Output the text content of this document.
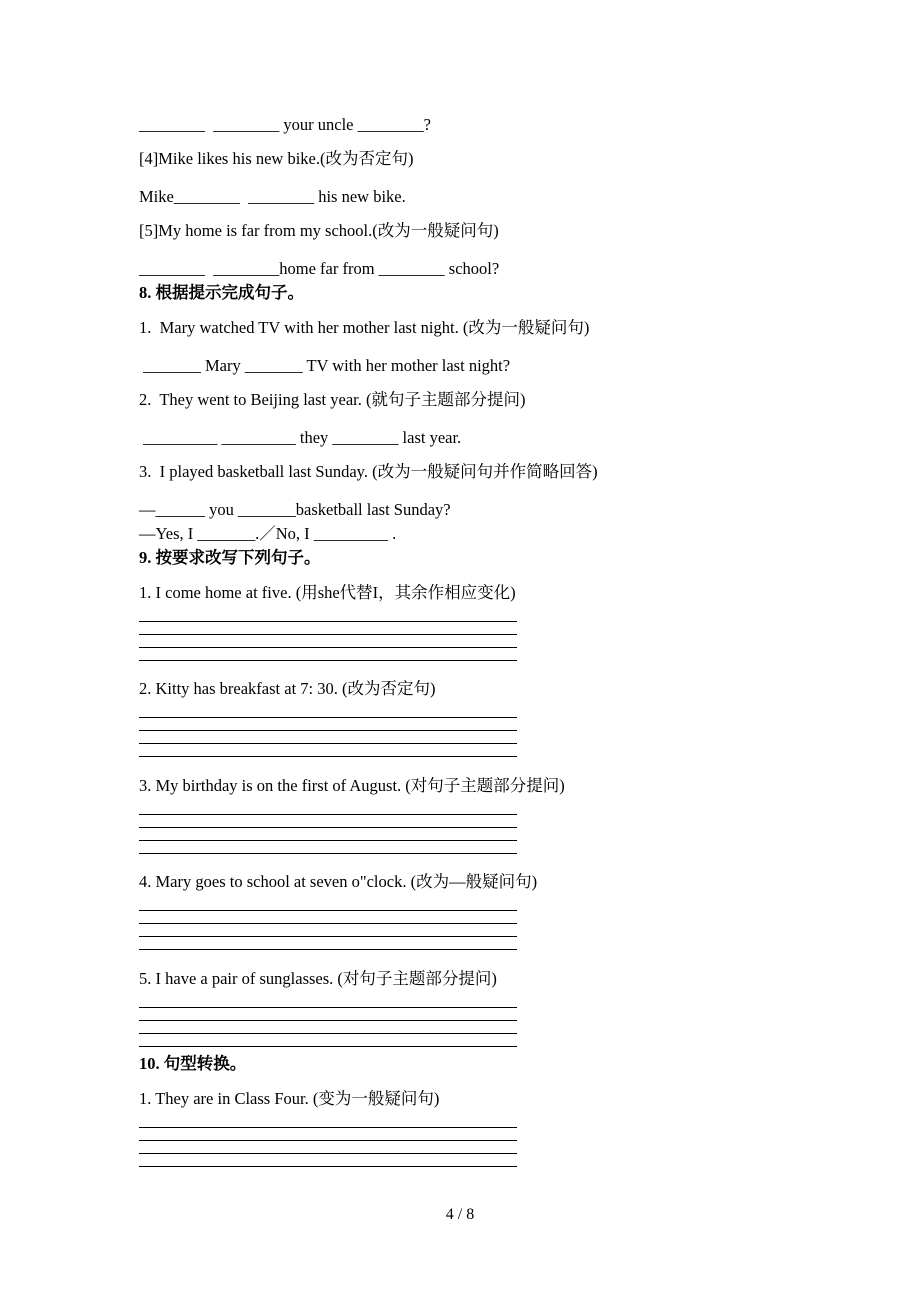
________  ________ your uncle ________?
[4]Mike likes his new bike.(改为否定句)
Mike________  ________ his new bike.
[5]My home is far from my school.(改为一般疑问句)
________  ________home far from ________ school?
8. 根据提示完成句子。
1.  Mary watched TV with her mother last night. (改为一般疑问句)
_______ Mary _______ TV with her mother last night?
2.  They went to Beijing last year. (就句子主题部分提问)
_________ _________ they ________ last year.
3.  I played basketball last Sunday. (改为一般疑问句并作简略回答)
—______ you _______basketball last Sunday?
—Yes, I _______.／No, I _________ .
9. 按要求改写下列句子。
1. I come home at five. (用she代替I，其余作相应变化)
2. Kitty has breakfast at 7: 30. (改为否定句)
3. My birthday is on the first of August. (对句子主题部分提问)
4. Mary goes to school at seven o"clock. (改为—般疑问句)
5. I have a pair of sunglasses. (对句子主题部分提问)
10. 句型转换。
1. They are in Class Four. (变为一般疑问句)
4 / 8
